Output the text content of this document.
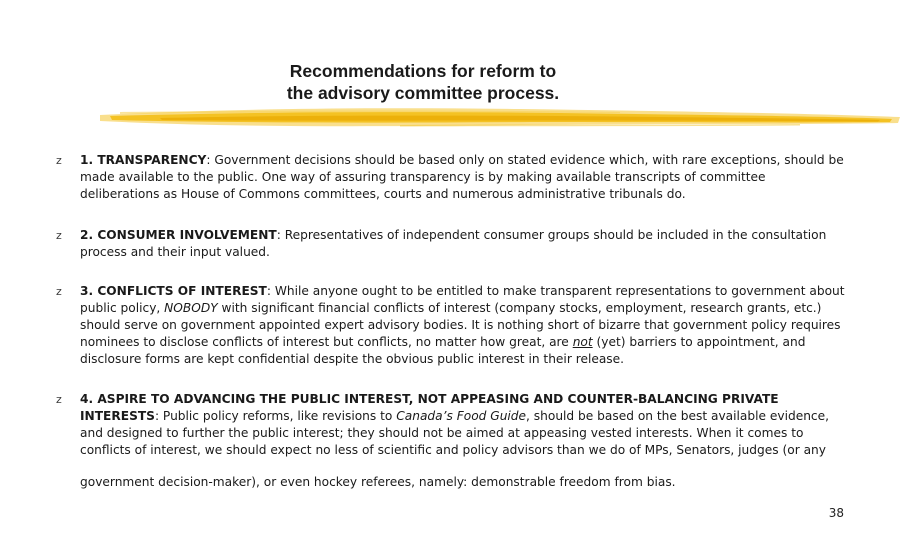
Recommendations for reform to
the advisory committee process.
z	1. TRANSPARENCY: Government decisions should be based only on stated evidence which, with rare exceptions, should be made available to the public. One way of assuring transparency is by making available transcripts of committee deliberations as House of Commons committees, courts and numerous administrative tribunals do.
z	2. CONSUMER INVOLVEMENT: Representatives of independent consumer groups should be included in the consultation process and their input valued.
z	3. CONFLICTS OF INTEREST: While anyone ought to be entitled to make transparent representations to government about public policy, NOBODY with significant financial conflicts of interest (company stocks, employment, research grants, etc.) should serve on government appointed expert advisory bodies. It is nothing short of bizarre that government policy requires nominees to disclose conflicts of interest but conflicts, no matter how great, are not (yet) barriers to appointment, and disclosure forms are kept confidential despite the obvious public interest in their release.
z	4. ASPIRE TO ADVANCING THE PUBLIC INTEREST, NOT APPEASING AND COUNTER-BALANCING PRIVATE INTERESTS: Public policy reforms, like revisions to Canada’s Food Guide, should be based on the best available evidence, and designed to further the public interest; they should not be aimed at appeasing vested interests. When it comes to conflicts of interest, we should expect no less of scientific and policy advisors than we do of MPs, Senators, judges (or any
government decision-maker), or even hockey referees, namely: demonstrable freedom from bias.
38
